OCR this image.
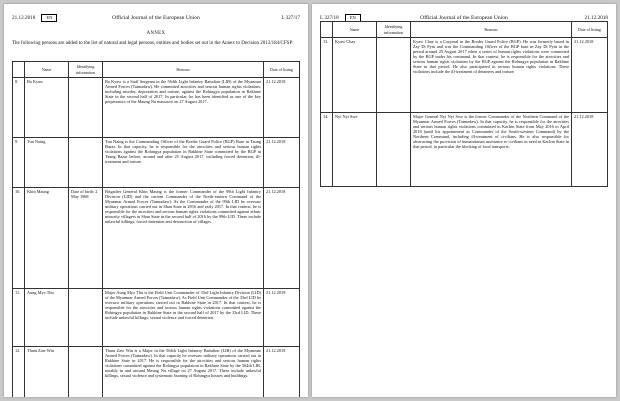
21.12.2018 EN	Official Journal of the European Union	L 327/17
ANNEX
The following persons are added to the list of natural and legal persons, entities and bodies set out in the Annex to Decision 2013/184/CFSP:
	Name	Identifying information	Reasons	Date of listing
8.	Ba Kyaw		Ba Kyaw is a Staff Sergeant in the 564th Light Infantry Battalion (LIB) of the Myanmar Armed Forces (Tatmadaw). He committed atrocities and serious human rights violations, including murder, deportation and torture, against the Rohingya population in Rakhine State in the second half of 2017. In particular, he has been identified as one of the key perpetrators of the Maung Nu massacre on 27 August 2017.	21.12.2018
9.	Tun Naing		Tun Naing is the Commanding Officer of the Border Guard Police (BGP) Base in Taung Bazar. In that capacity, he is responsible for the atrocities and serious human rights violations against the Rohingya population in Rakhine State committed by the BGP in Taung Bazar before, around and after 25 August 2017, including forced detention, ill-treatment and torture.	21.12.2018
10.	Khin Maung	Date of birth: 2 May 1968	Brigadier General Khin Maung is the former Commander of the 99th Light Infantry Division (LID) and the current Commander of the North-eastern Command of the Myanmar Armed Forces (Tatmadaw). As the Commander of the 99th LID he oversaw military operations carried out in Shan State in 2016 and early 2017. In that context, he is responsible for the atrocities and serious human rights violations committed against ethnic minority villagers in Shan State in the second half of 2016 by the 99th LID. These include unlawful killings, forced detention and destruction of villages.	21.12.2018
11.	Aung Myo Thu		Major Aung Myo Thu is the Field Unit Commander of 33rd Light Infantry Division (LID) of the Myanmar Armed Forces (Tatmadaw). As Field Unit Commander of the 33rd LID he oversaw military operations carried out in Rakhine State in 2017. In that context, he is responsible for the atrocities and serious human rights violations committed against the Rohingya population in Rakhine State in the second half of 2017 by the 33rd LID. These include unlawful killings, sexual violence and forced detention.	21.12.2018
12.	Thant Zaw Win		Thant Zaw Win is a Major in the 564th Light Infantry Battalion (LIB) of the Myanmar Armed Forces (Tatmadaw). In that capacity he oversaw military operations carried out in Rakhine State in 2017. He is responsible for the atrocities and serious human rights violations committed against the Rohingya population in Rakhine State by the 564th LIB, notably in and around Maung Nu village on 27 August 2017. These include unlawful killings, sexual violence and systematic burning of Rohingya houses and buildings.	21.12.2018
L 327/18 EN	Official Journal of the European Union	21.12.2018
	Name	Identifying information	Reasons	Date of listing
13.	Kyaw Chay		Kyaw Chay is a Corporal in the Border Guard Police (BGP). He was formerly based in Zay Di Pyin and was the Commanding Officer of the BGP base in Zay Di Pyin in the period around 25 August 2017 when a series of human rights violations were committed by the BGP under his command. In that context, he is responsible for the atrocities and serious human rights violations by the BGP against the Rohingya population in Rakhine State in that period. He also participated in serious human rights violations. These violations include the ill-treatment of detainees and torture.	21.12.2018
14.	Nyi Nyi Swe		Major General Nyi Nyi Swe is the former Commander of the Northern Command of the Myanmar Armed Forces (Tatmadaw). In that capacity, he is responsible for the atrocities and serious human rights violations committed in Kachin State from May 2016 to April 2018 (until his appointment as Commander of the South-western Command) by the Northern Command, including ill-treatment of civilians. He is also responsible for obstructing the provision of humanitarian assistance to civilians in need in Kachin State in that period, in particular the blocking of food transports.	21.12.2018
